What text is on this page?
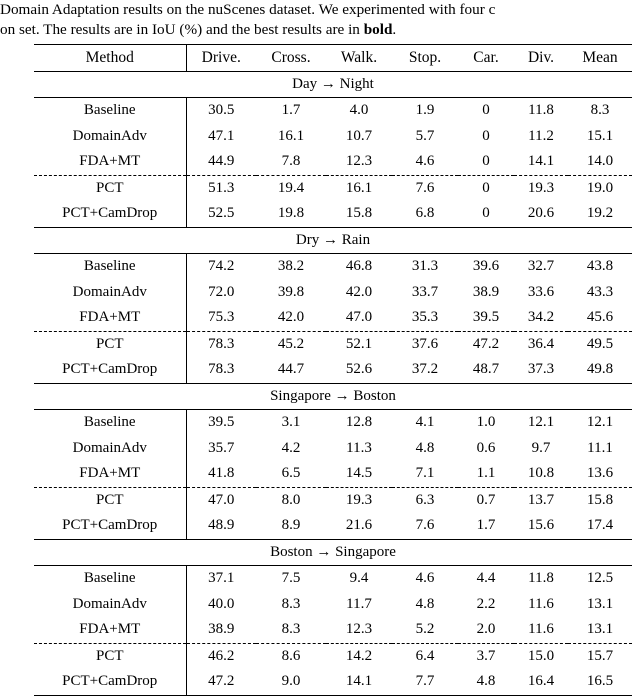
Domain Adaptation results on the nuScenes dataset. We experimented with four c
on set. The results are in IoU (%) and the best results are in bold.
Method	Drive.	Cross.	Walk.	Stop.	Car.	Div.	Mean
Day → Night							

Baseline	30.5	1.7	4.0	1.9	0	11.8	8.3
DomainAdv	47.1	16.1	10.7	5.7	0	11.2	15.1
FDA+MT	44.9	7.8	12.3	4.6	0	14.1	14.0
PCT	51.3	19.4	16.1	7.6	0	19.3	19.0
PCT+CamDrop	52.5	19.8	15.8	6.8	0	20.6	19.2
Dry → Rain							

Baseline	74.2	38.2	46.8	31.3	39.6	32.7	43.8
DomainAdv	72.0	39.8	42.0	33.7	38.9	33.6	43.3
FDA+MT	75.3	42.0	47.0	35.3	39.5	34.2	45.6
PCT	78.3	45.2	52.1	37.6	47.2	36.4	49.5
PCT+CamDrop	78.3	44.7	52.6	37.2	48.7	37.3	49.8
Singapore → Boston							

Baseline	39.5	3.1	12.8	4.1	1.0	12.1	12.1
DomainAdv	35.7	4.2	11.3	4.8	0.6	9.7	11.1
FDA+MT	41.8	6.5	14.5	7.1	1.1	10.8	13.6
PCT	47.0	8.0	19.3	6.3	0.7	13.7	15.8
PCT+CamDrop	48.9	8.9	21.6	7.6	1.7	15.6	17.4
Boston → Singapore							

Baseline	37.1	7.5	9.4	4.6	4.4	11.8	12.5
DomainAdv	40.0	8.3	11.7	4.8	2.2	11.6	13.1
FDA+MT	38.9	8.3	12.3	5.2	2.0	11.6	13.1
PCT	46.2	8.6	14.2	6.4	3.7	15.0	15.7
PCT+CamDrop	47.2	9.0	14.1	7.7	4.8	16.4	16.5
